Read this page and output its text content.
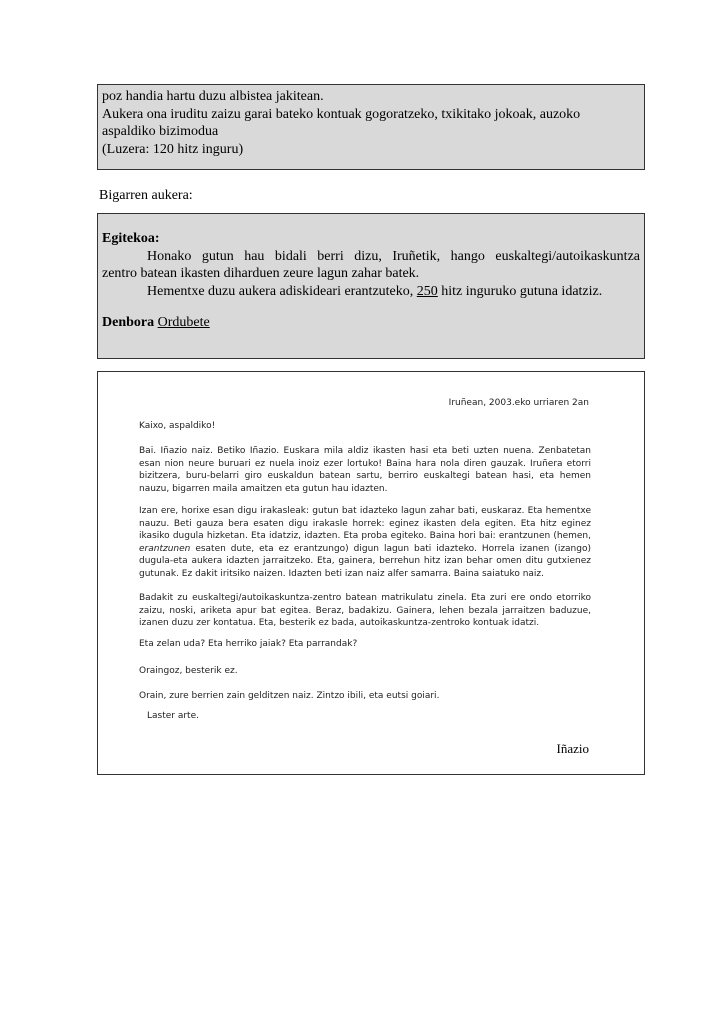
poz handia hartu duzu albistea jakitean.

Aukera ona iruditu zaizu garai bateko kontuak gogoratzeko, txikitako jokoak, auzoko

aspaldiko bizimodua

(Luzera: 120 hitz inguru)

Bigarren aukera:

Egitekoa:

Honako gutun hau bidali berri dizu, Iruñetik, hango euskaltegi/autoikaskuntza

zentro batean ikasten diharduen zeure lagun zahar batek.

Hementxe duzu aukera adiskideari erantzuteko, 250 hitz inguruko gutuna idatziz.

Denbora Ordubete

Iruñean, 2003.eko urriaren 2an
Kaixo, aspaldiko!

Bai. Iñazio naiz. Betiko Iñazio. Euskara mila aldiz ikasten hasi eta beti uzten nuena. Zenbatetan esan nion neure buruari ez nuela inoiz ezer lortuko! Baina hara nola diren gauzak. Iruñera etorri bizitzera, buru-belarri giro euskaldun batean sartu, berriro euskaltegi batean hasi, eta hemen nauzu, bigarren maila amaitzen eta gutun hau idazten.

Izan ere, horixe esan digu irakasleak: gutun bat idazteko lagun zahar bati, euskaraz. Eta hementxe nauzu. Beti gauza bera esaten digu irakasle horrek: eginez ikasten dela egiten. Eta hitz eginez ikasiko dugula hizketan. Eta idatziz, idazten. Eta proba egiteko. Baina hori bai: erantzunen (hemen, erantzunen esaten dute, eta ez erantzungo) digun lagun bati idazteko. Horrela izanen (izango) dugula-eta aukera idazten jarraitzeko. Eta, gainera, berrehun hitz izan behar omen ditu gutxienez gutunak. Ez dakit iritsiko naizen. Idazten beti izan naiz alfer samarra. Baina saiatuko naiz.

Badakit zu euskaltegi/autoikaskuntza-zentro batean matrikulatu zinela. Eta zuri ere ondo etorriko zaizu, noski, ariketa apur bat egitea. Beraz, badakizu. Gainera, lehen bezala jarraitzen baduzue, izanen duzu zer kontatua. Eta, besterik ez bada, autoikaskuntza-zentroko kontuak idatzi.

Eta zelan uda? Eta herriko jaiak? Eta parrandak?
Oraingoz, besterik ez.
Orain, zure berrien zain gelditzen naiz. Zintzo ibili, eta eutsi goiari.
Laster arte.
Iñazio
